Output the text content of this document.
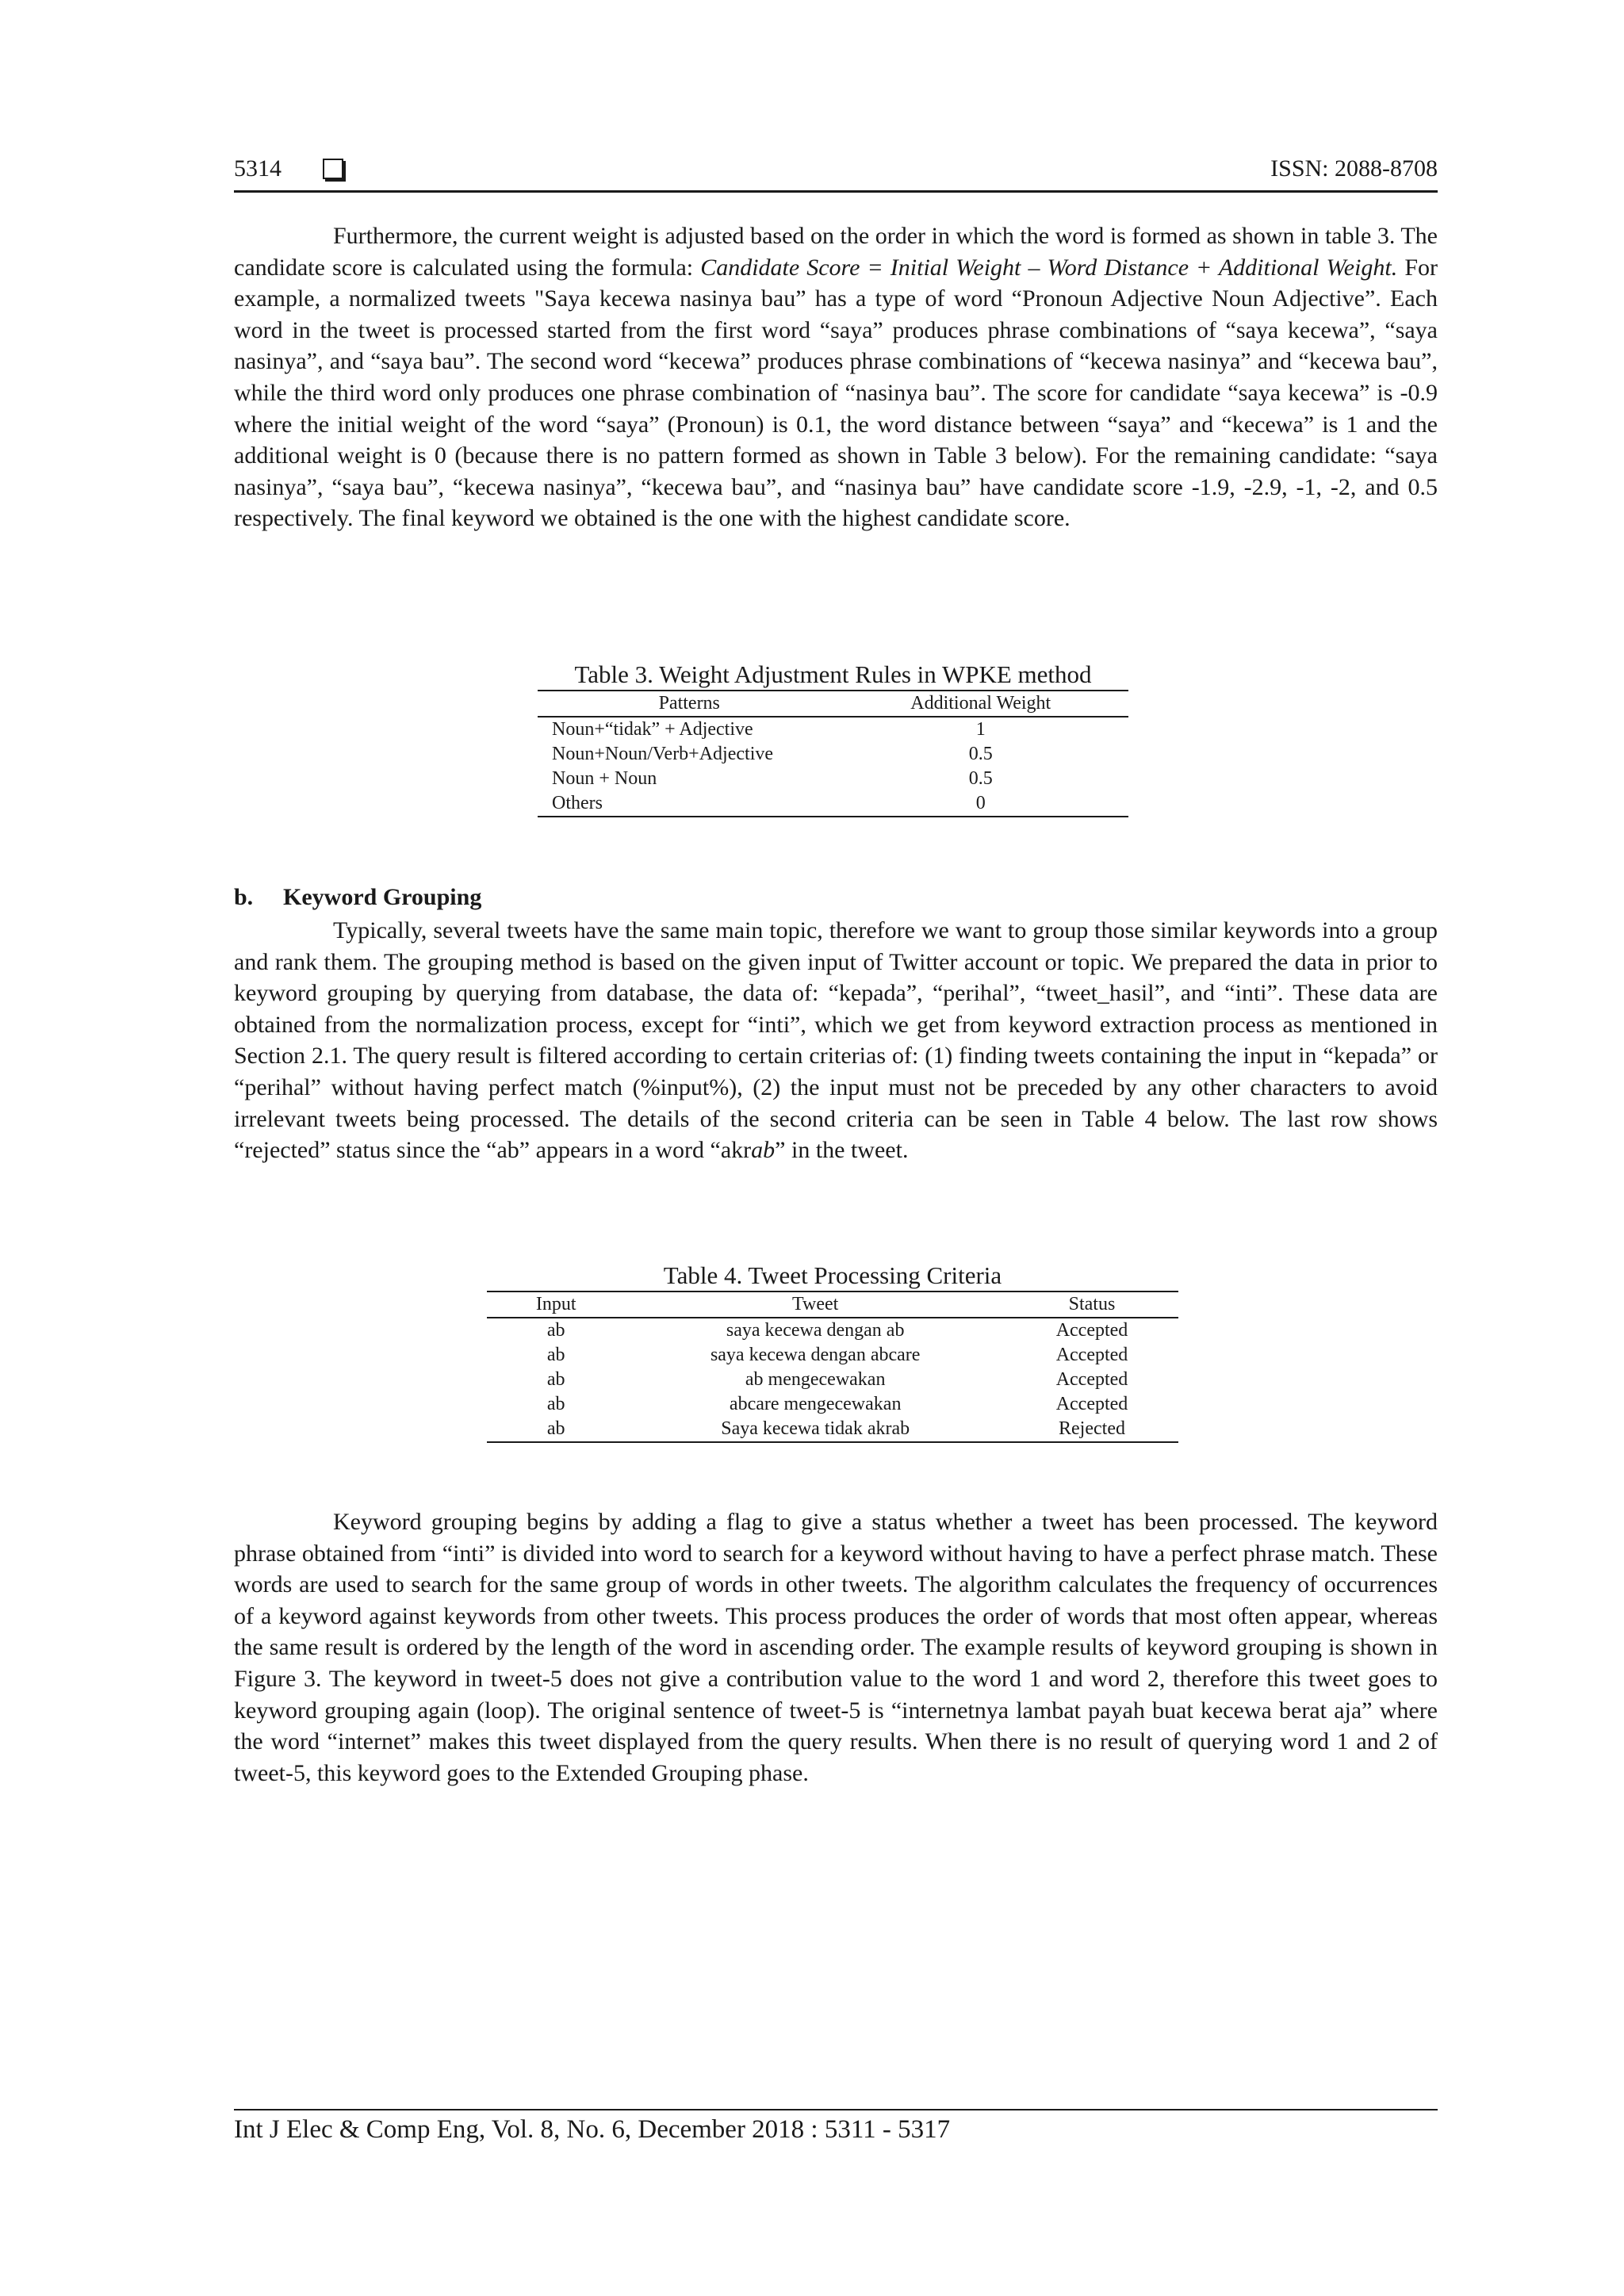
5314	ISSN: 2088-8708

Furthermore, the current weight is adjusted based on the order in which the word is formed as shown in table 3. The candidate score is calculated using the formula: Candidate Score = Initial Weight – Word Distance + Additional Weight. For example, a normalized tweets "Saya kecewa nasinya bau” has a type of word “Pronoun Adjective Noun Adjective”. Each word in the tweet is processed started from the first word “saya” produces phrase combinations of “saya kecewa”, “saya nasinya”, and “saya bau”. The second word “kecewa” produces phrase combinations of “kecewa nasinya” and “kecewa bau”, while the third word only produces one phrase combination of “nasinya bau”. The score for candidate “saya kecewa” is -0.9 where the initial weight of the word “saya” (Pronoun) is 0.1, the word distance between “saya” and “kecewa” is 1 and the additional weight is 0 (because there is no pattern formed as shown in Table 3 below). For the remaining candidate: “saya nasinya”, “saya bau”, “kecewa nasinya”, “kecewa bau”, and “nasinya bau” have candidate score -1.9, -2.9, -1, -2, and 0.5 respectively. The final keyword we obtained is the one with the highest candidate score.

Table 3. Weight Adjustment Rules in WPKE method
Patterns	Additional Weight
Noun+“tidak” + Adjective	1
Noun+Noun/Verb+Adjective	0.5
Noun + Noun	0.5
Others	0
b. Keyword Grouping

Typically, several tweets have the same main topic, therefore we want to group those similar keywords into a group and rank them. The grouping method is based on the given input of Twitter account or topic. We prepared the data in prior to keyword grouping by querying from database, the data of: “kepada”, “perihal”, “tweet_hasil”, and “inti”. These data are obtained from the normalization process, except for “inti”, which we get from keyword extraction process as mentioned in Section 2.1. The query result is filtered according to certain criterias of: (1) finding tweets containing the input in “kepada” or “perihal” without having perfect match (%input%), (2) the input must not be preceded by any other characters to avoid irrelevant tweets being processed. The details of the second criteria can be seen in Table 4 below. The last row shows “rejected” status since the “ab” appears in a word “akrab” in the tweet.

Table 4. Tweet Processing Criteria
Input	Tweet	Status
ab	saya kecewa dengan ab	Accepted
ab	saya kecewa dengan abcare	Accepted
ab	ab mengecewakan	Accepted
ab	abcare mengecewakan	Accepted
ab	Saya kecewa tidak akrab	Rejected

Keyword grouping begins by adding a flag to give a status whether a tweet has been processed. The keyword phrase obtained from “inti” is divided into word to search for a keyword without having to have a perfect phrase match. These words are used to search for the same group of words in other tweets. The algorithm calculates the frequency of occurrences of a keyword against keywords from other tweets. This process produces the order of words that most often appear, whereas the same result is ordered by the length of the word in ascending order. The example results of keyword grouping is shown in Figure 3. The keyword in tweet-5 does not give a contribution value to the word 1 and word 2, therefore this tweet goes to keyword grouping again (loop). The original sentence of tweet-5 is “internetnya lambat payah buat kecewa berat aja” where the word “internet” makes this tweet displayed from the query results. When there is no result of querying word 1 and 2 of tweet-5, this keyword goes to the Extended Grouping phase.

Int J Elec & Comp Eng, Vol. 8, No. 6, December 2018 : 5311 - 5317
